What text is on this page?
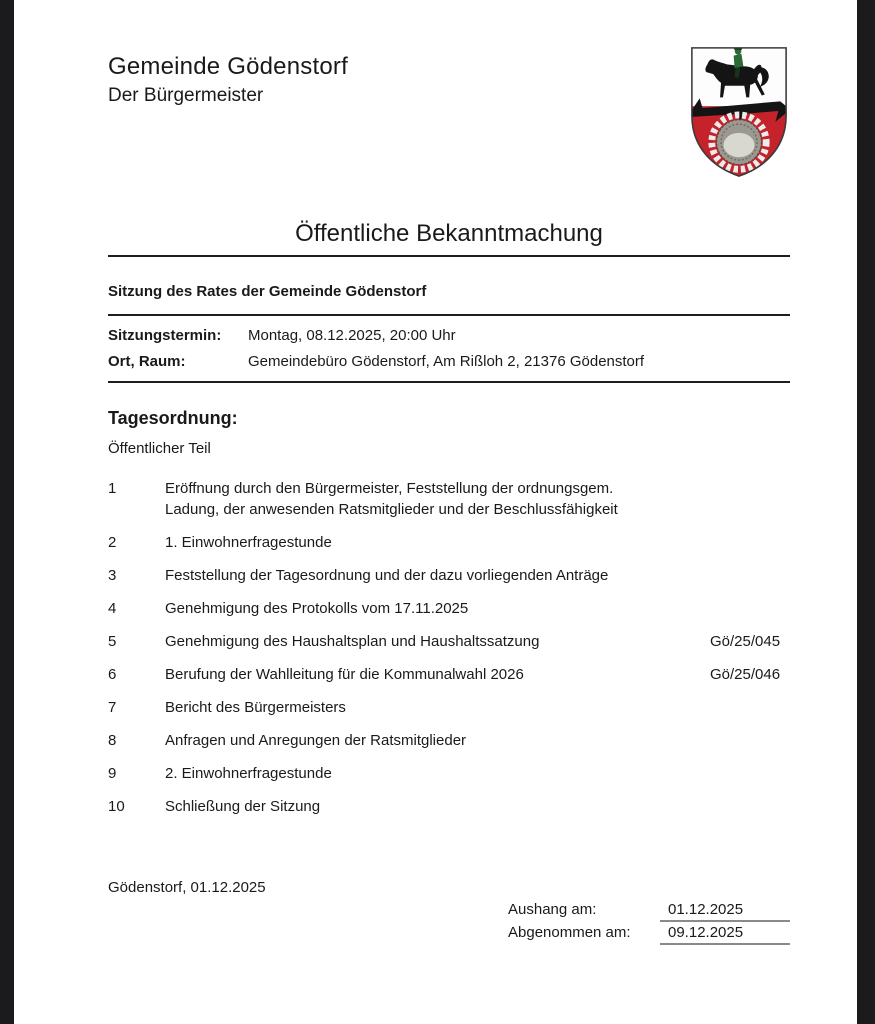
Gemeinde Gödenstorf
Der Bürgermeister
Öffentliche Bekanntmachung
Sitzung des Rates der Gemeinde Gödenstorf
Sitzungstermin:	Montag, 08.12.2025, 20:00 Uhr
Ort, Raum:	Gemeindebüro Gödenstorf, Am Rißloh 2, 21376 Gödenstorf
Tagesordnung:
Öffentlicher Teil
1	Eröffnung durch den Bürgermeister, Feststellung der ordnungsgem. Ladung, der anwesenden Ratsmitglieder und der Beschlussfähigkeit
2	1. Einwohnerfragestunde
3	Feststellung der Tagesordnung und der dazu vorliegenden Anträge
4	Genehmigung des Protokolls vom 17.11.2025
5	Genehmigung des Haushaltsplan und Haushaltssatzung	Gö/25/045
6	Berufung der Wahlleitung für die Kommunalwahl 2026	Gö/25/046
7	Bericht des Bürgermeisters
8	Anfragen und Anregungen der Ratsmitglieder
9	2. Einwohnerfragestunde
10	Schließung der Sitzung
Gödenstorf, 01.12.2025
Aushang am:	01.12.2025
Abgenommen am:	09.12.2025
